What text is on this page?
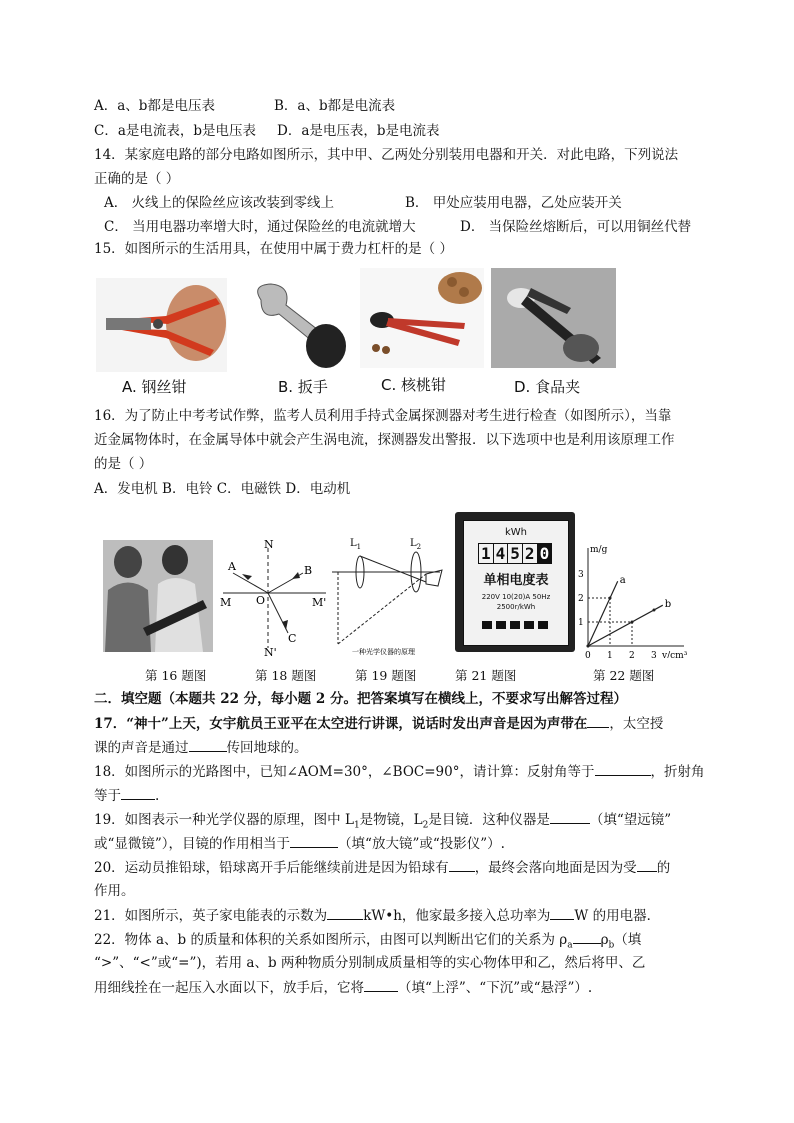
A．a、b都是电压表	B．a、b都是电流表
C．a是电流表，b是电压表 D．a是电压表，b是电流表
14．某家庭电路的部分电路如图所示，其中甲、乙两处分别装用电器和开关．对此电路，下列说法
正确的是（ ）
A． 火线上的保险丝应该改装到零线上	B． 甲处应装用电器，乙处应装开关
C． 当用电器功率增大时，通过保险丝的电流就增大	D． 当保险丝熔断后，可以用铜丝代替
15．如图所示的生活用具，在使用中属于费力杠杆的是（ ）
A. 钢丝钳	B. 扳手	C. 核桃钳	D. 食品夹
16．为了防止中考考试作弊，监考人员利用手持式金属探测器对考生进行检查（如图所示），当靠
近金属物体时，在金属导体中就会产生涡电流，探测器发出警报．以下选项中也是利用该原理工作
的是（ ）
A．发电机 B．电铃 C．电磁铁 D．电动机
N
N'
M	M'
O
A	B
C
$L_1$	$L_2$
一种光学仪器的原理
kWh
1 4 5 2 0
单相电度表
220V 10(20)A 50Hz
2500r/kWh
m/g
v/cm³
1
2
3
0 1 2 3
a
b
第 16 题图	第 18 题图	第 19 题图	第 21 题图	第 22 题图
二．填空题（本题共 22 分，每小题 2 分。把答案填写在横线上，不要求写出解答过程）
17．“神十”上天，女宇航员王亚平在太空进行讲课，说话时发出声音是因为声带在 ，太空授
课的声音是通过	传回地球的。
18．如图所示的光路图中，已知∠AOM=30°，∠BOC=90°，请计算：反射角等于	，折射角
等于	.
19．如图表示一种光学仪器的原理，图中 $L_1$是物镜，$L_2$是目镜．这种仪器是	（填“望远镜”
或“显微镜”），目镜的作用相当于	（填“放大镜”或“投影仪”）.
20．运动员推铅球，铅球离开手后能继续前进是因为铅球有 ，最终会落向地面是因为受 的
作用。
21．如图所示，英子家电能表的示数为	kW•h，他家最多接入总功率为 W 的用电器．
22．物体 a、b 的质量和体积的关系如图所示，由图可以判断出它们的关系为 $\rho_a$ $\rho_b$（填
“>”、“<”或“=”)，若用 a、b 两种物质分别制成质量相等的实心物体甲和乙，然后将甲、乙
用细线拴在一起压入水面以下，放手后，它将	（填“上浮”、“下沉”或“悬浮”）.
